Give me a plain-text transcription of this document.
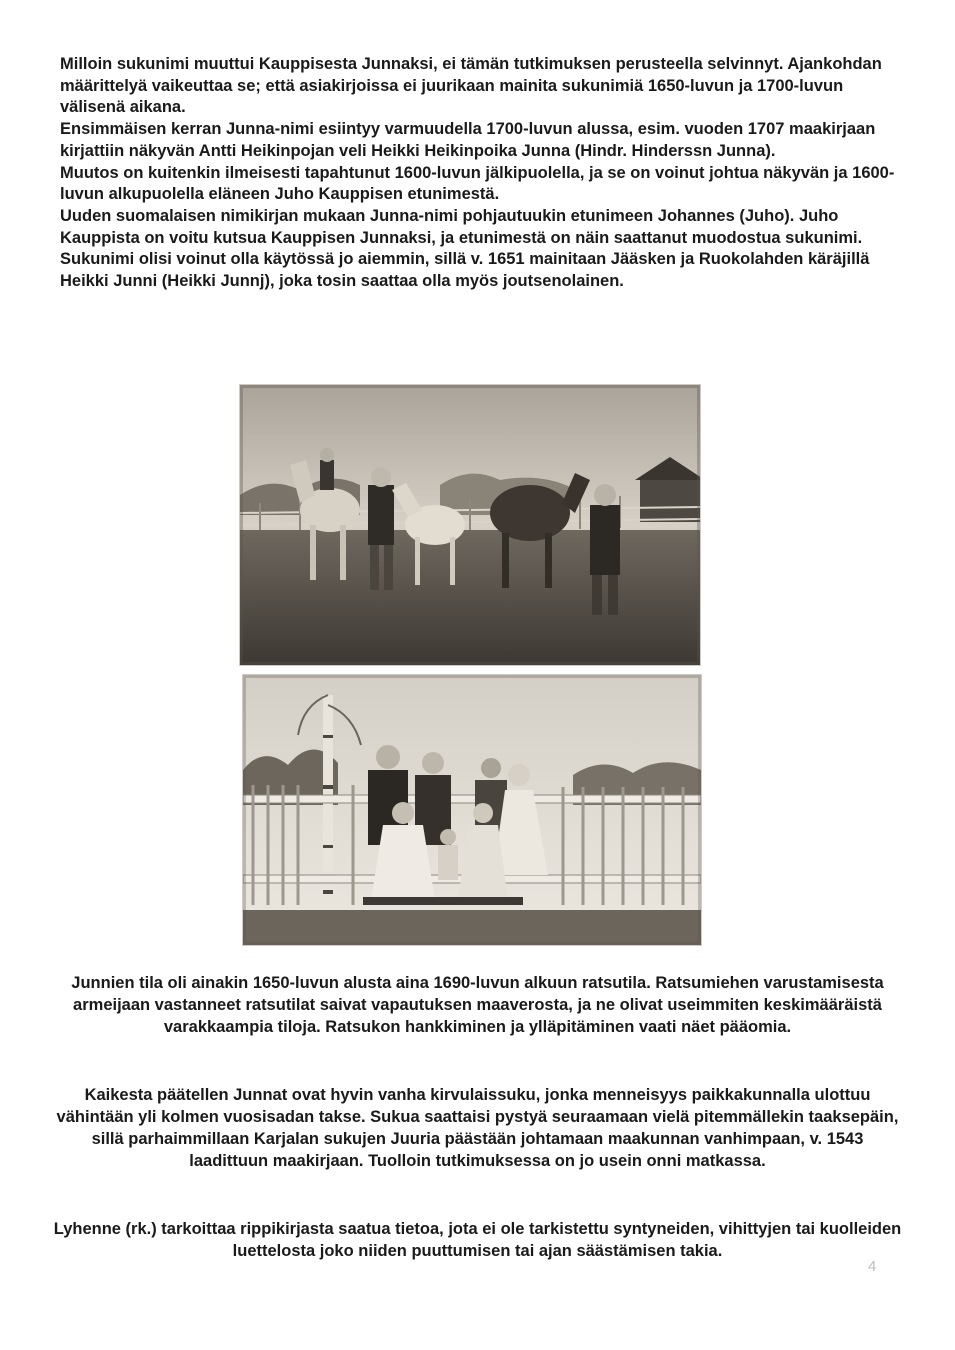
Milloin sukunimi muuttui Kauppisesta Junnaksi, ei tämän tutkimuksen perusteella selvinnyt. Ajankohdan määrittelyä vaikeuttaa se; että asiakirjoissa ei juurikaan mainita sukunimiä 1650-luvun ja 1700-luvun välisenä aikana.

Ensimmäisen kerran Junna-nimi esiintyy varmuudella 1700-luvun alussa, esim. vuoden 1707 maakirjaan kirjattiin näkyvän Antti Heikinpojan veli Heikki Heikinpoika Junna (Hindr. Hinderssn Junna).

Muutos on kuitenkin ilmeisesti tapahtunut 1600-luvun jälkipuolella, ja se on voinut johtua näkyvän ja 1600-luvun alkupuolella eläneen Juho Kauppisen etunimestä.

Uuden suomalaisen nimikirjan mukaan Junna-nimi pohjautuukin etunimeen Johannes (Juho). Juho Kauppista on voitu kutsua Kauppisen Junnaksi, ja etunimestä on näin saattanut muodostua sukunimi.

Sukunimi olisi voinut olla käytössä jo aiemmin, sillä v. 1651 mainitaan Jääsken ja Ruokolahden käräjillä Heikki Junni (Heikki Junnj), joka tosin saattaa olla myös joutsenolainen.

Junnien tila oli ainakin 1650-luvun alusta aina 1690-luvun alkuun ratsutila. Ratsumiehen varustamisesta armeijaan vastanneet ratsutilat saivat vapautuksen maaverosta, ja ne olivat useimmiten keskimääräistä varakkaampia tiloja. Ratsukon hankkiminen ja ylläpitäminen vaati näet pääomia.

Kaikesta päätellen Junnat ovat hyvin vanha kirvulaissuku, jonka menneisyys paikkakunnalla ulottuu vähintään yli kolmen vuosisadan takse. Sukua saattaisi pystyä seuraamaan vielä pitemmällekin taaksepäin, sillä parhaimmillaan Karjalan sukujen Juuria päästään johtamaan maakunnan vanhimpaan, v. 1543 laadittuun maakirjaan. Tuolloin tutkimuksessa on jo usein onni matkassa.

Lyhenne (rk.) tarkoittaa rippikirjasta saatua tietoa, jota ei ole tarkistettu syntyneiden, vihittyjen tai kuolleiden luettelosta joko niiden puuttumisen tai ajan säästämisen takia.

4
